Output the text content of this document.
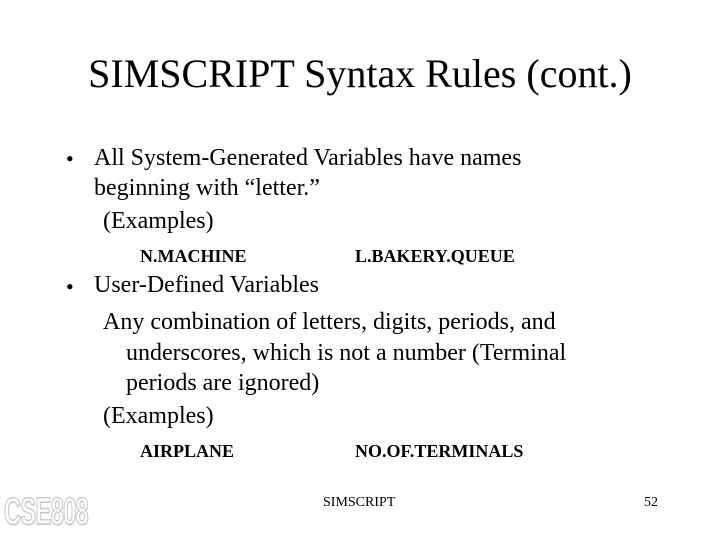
SIMSCRIPT Syntax Rules (cont.)
• All System-Generated Variables have names
beginning with “letter.”
(Examples)
N.MACHINE	L.BAKERY.QUEUE
• User-Defined Variables
Any combination of letters, digits, periods, and
underscores, which is not a number (Terminal
periods are ignored)
(Examples)
AIRPLANE	NO.OF.TERMINALS
CSE808	SIMSCRIPT	52
